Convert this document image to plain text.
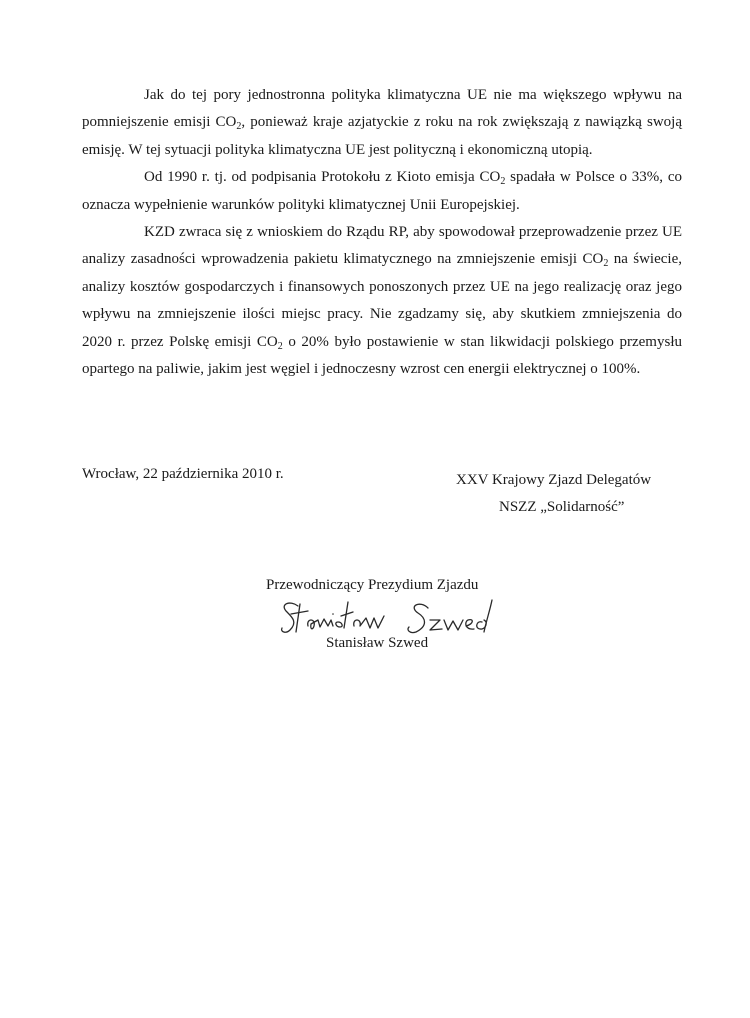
Jak do tej pory jednostronna polityka klimatyczna UE nie ma większego wpływu na pomniejszenie emisji $CO_2$, ponieważ kraje azjatyckie z roku na rok zwiększają z nawiązką swoją emisję. W tej sytuacji polityka klimatyczna UE jest polityczną i ekonomiczną utopią.

Od 1990 r. tj. od podpisania Protokołu z Kioto emisja $CO_2$ spadała w Polsce o 33%, co oznacza wypełnienie warunków polityki klimatycznej Unii Europejskiej.

KZD zwraca się z wnioskiem do Rządu RP, aby spowodował przeprowadzenie przez UE analizy zasadności wprowadzenia pakietu klimatycznego na zmniejszenie emisji $CO_2$ na świecie, analizy kosztów gospodarczych i finansowych ponoszonych przez UE na jego realizację oraz jego wpływu na zmniejszenie ilości miejsc pracy. Nie zgadzamy się, aby skutkiem zmniejszenia do 2020 r. przez Polskę emisji $CO_2$ o 20% było postawienie w stan likwidacji polskiego przemysłu opartego na paliwie, jakim jest węgiel i jednoczesny wzrost cen energii elektrycznej o 100%.

Wrocław, 22 października 2010 r.	XXV Krajowy Zjazd Delegatów
NSZZ „Solidarność”
Przewodniczący Prezydium Zjazdu
Stanisław Szwed
